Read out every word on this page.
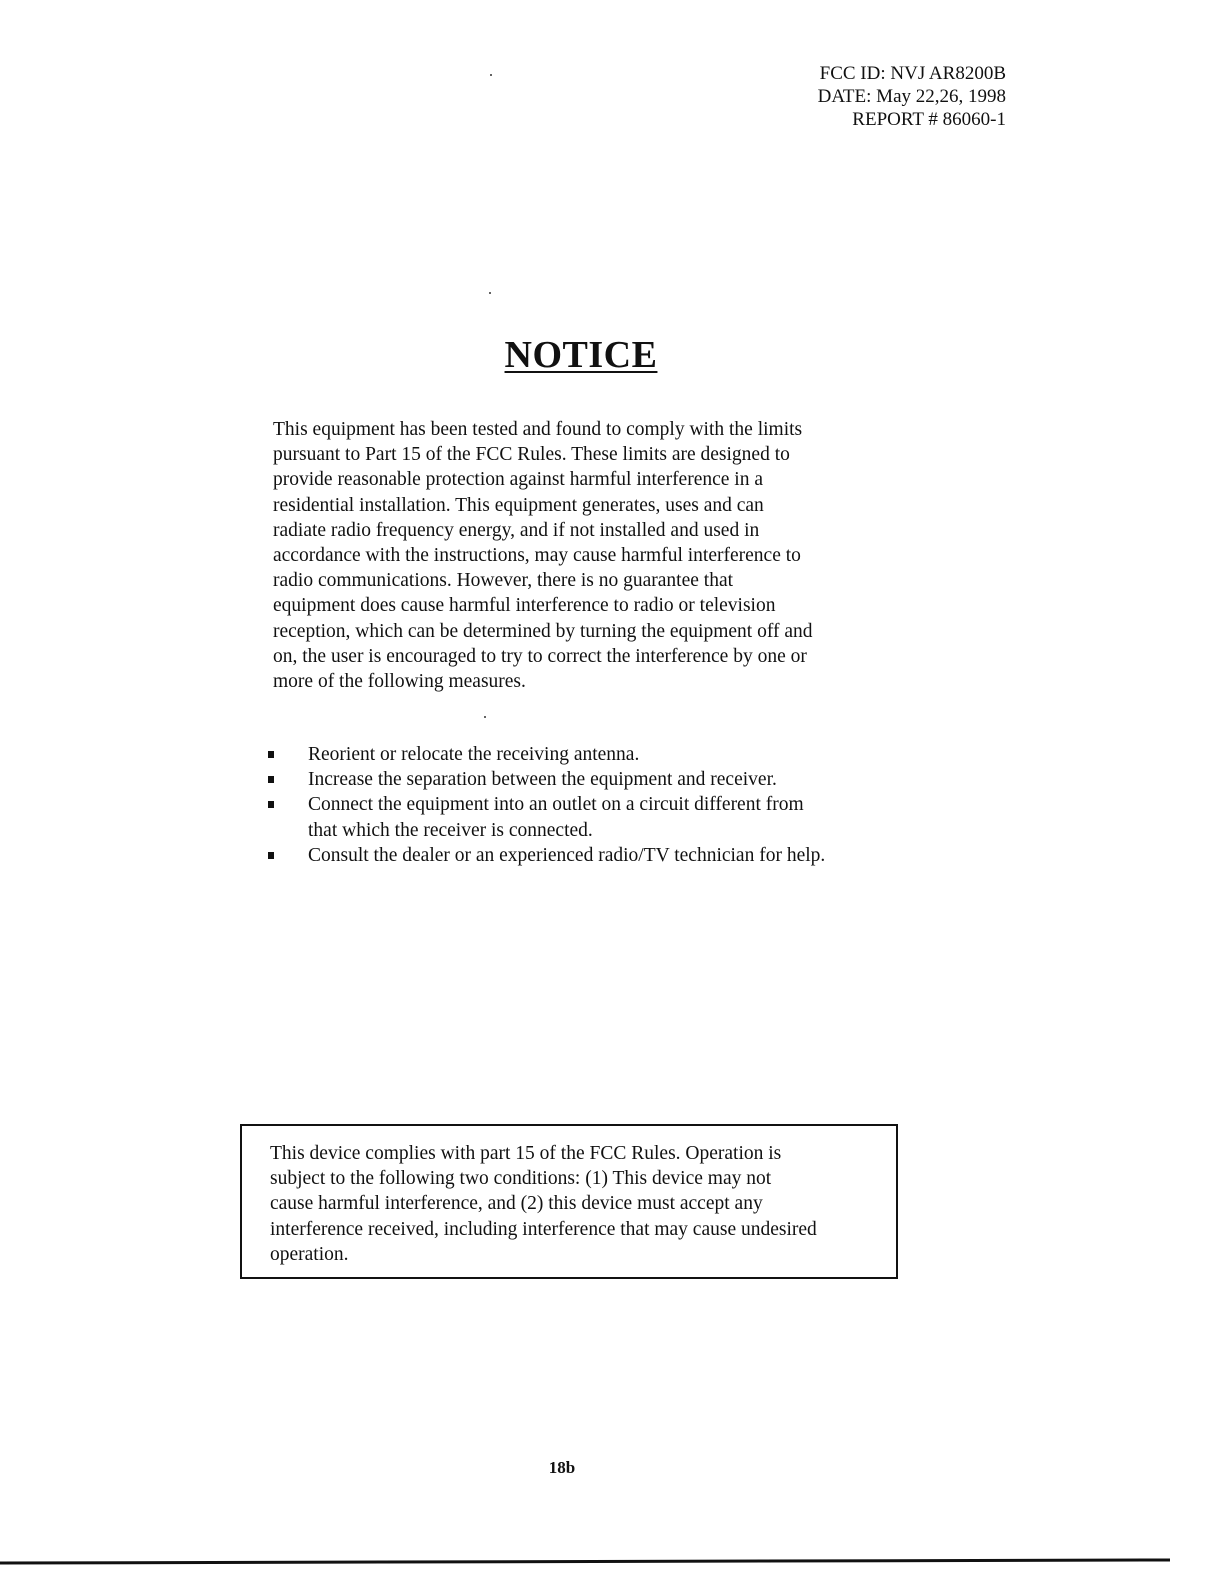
FCC ID: NVJ AR8200B
DATE: May 22,26, 1998
REPORT # 86060-1
NOTICE
This equipment has been tested and found to comply with the limits
pursuant to Part 15 of the FCC Rules. These limits are designed to
provide reasonable protection against harmful interference in a
residential installation. This equipment generates, uses and can
radiate radio frequency energy, and if not installed and used in
accordance with the instructions, may cause harmful interference to
radio communications. However, there is no guarantee that
equipment does cause harmful interference to radio or television
reception, which can be determined by turning the equipment off and
on, the user is encouraged to try to correct the interference by one or
more of the following measures.
Reorient or relocate the receiving antenna.
Increase the separation between the equipment and receiver.
Connect the equipment into an outlet on a circuit different from
that which the receiver is connected.
Consult the dealer or an experienced radio/TV technician for help.
This device complies with part 15 of the FCC Rules. Operation is
subject to the following two conditions: (1) This device may not
cause harmful interference, and (2) this device must accept any
interference received, including interference that may cause undesired
operation.
18b
